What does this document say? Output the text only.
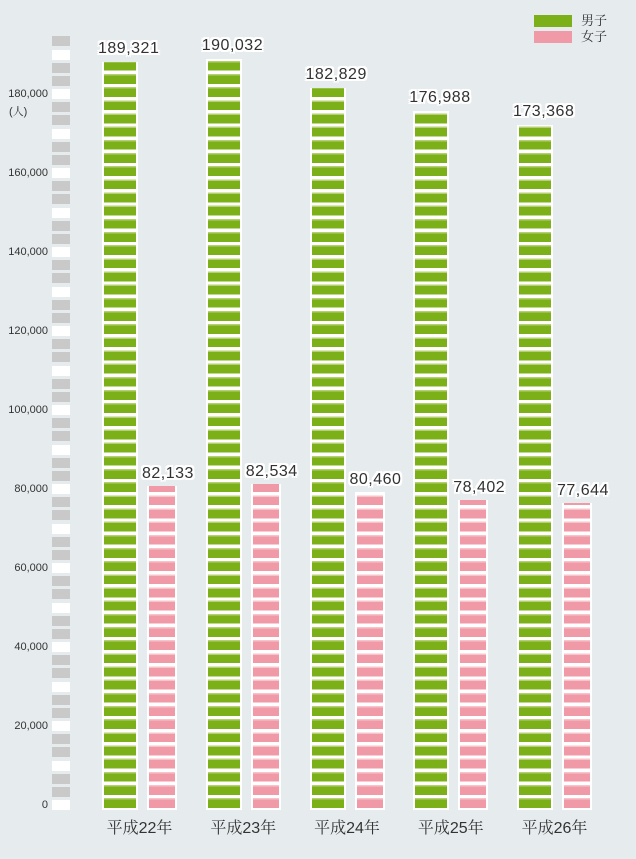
男子
女子
0
20,000
40,000
60,000
80,000
100,000
120,000
140,000
160,000
180,000
(人)
189,321
82,133
190,032
82,534
182,829
80,460
176,988
78,402
173,368
77,644
平成22年	平成23年	平成24年	平成25年	平成26年
